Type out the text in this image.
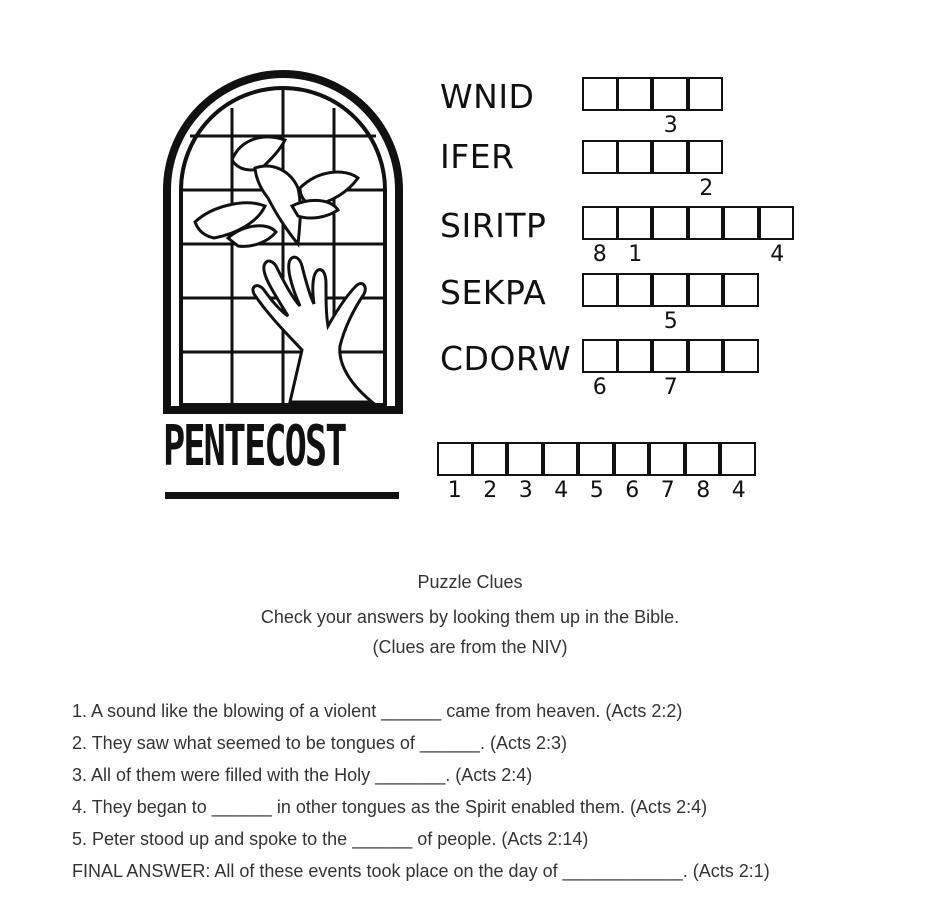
PENTECOST
WNID
IFER
SIRITP
SEKPA
CDORW
3
2
8 1	4
5
6	7
1 2 3 4 5 6 7 8 4
Puzzle Clues
Check your answers by looking them up in the Bible.
(Clues are from the NIV)
1. A sound like the blowing of a violent ______ came from heaven. (Acts 2:2)
2. They saw what seemed to be tongues of ______. (Acts 2:3)
3. All of them were filled with the Holy _______. (Acts 2:4)
4. They began to ______ in other tongues as the Spirit enabled them. (Acts 2:4)
5. Peter stood up and spoke to the ______ of people. (Acts 2:14)
FINAL ANSWER: All of these events took place on the day of ____________. (Acts 2:1)
